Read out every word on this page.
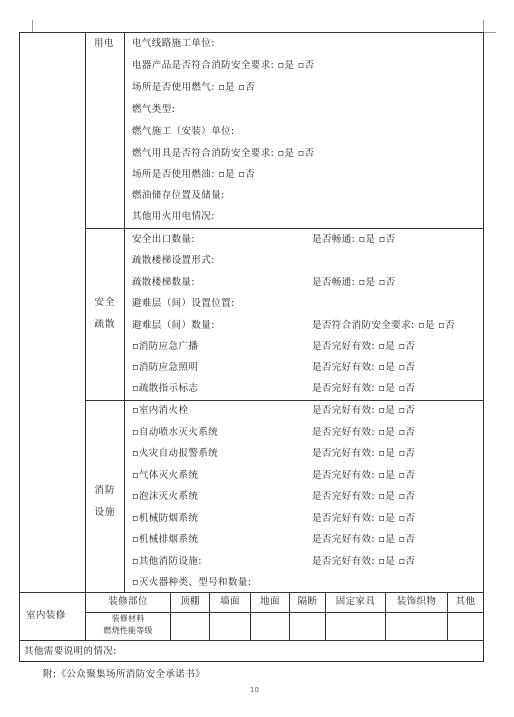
用电 电气线路施工单位:
电器产品是否符合消防安全要求: ▫是 ▫否
场所是否使用燃气: ▫是 ▫否
燃气类型:
燃气施工（安装）单位:
燃气用具是否符合消防安全要求: ▫是 ▫否
场所是否使用燃油: ▫是 ▫否
燃油储存位置及储量:
其他用火用电情况:
安全
疏散
安全出口数量:	是否畅通: ▫是 ▫否
疏散楼梯设置形式:
疏散楼梯数量:	是否畅通: ▫是 ▫否
避难层（间）设置位置:
避难层（间）数量:	是否符合消防安全要求: ▫是 ▫否
▫消防应急广播	是否完好有效: ▫是 ▫否
▫消防应急照明	是否完好有效: ▫是 ▫否
▫疏散指示标志	是否完好有效: ▫是 ▫否
消防
设施
▫室内消火栓	是否完好有效: ▫是 ▫否
▫自动喷水灭火系统	是否完好有效: ▫是 ▫否
▫火灾自动报警系统	是否完好有效: ▫是 ▫否
▫气体灭火系统	是否完好有效: ▫是 ▫否
▫泡沫灭火系统	是否完好有效: ▫是 ▫否
▫机械防烟系统	是否完好有效: ▫是 ▫否
▫机械排烟系统	是否完好有效: ▫是 ▫否
▫其他消防设施:	是否完好有效: ▫是 ▫否
▫灭火器种类、型号和数量:
室内装修
装修部位	顶棚	墙面	地面	隔断	固定家具	装饰织物	其他
装修材料
燃烧性能等级
其他需要说明的情况:
附:《公众聚集场所消防安全承诺书》
10
